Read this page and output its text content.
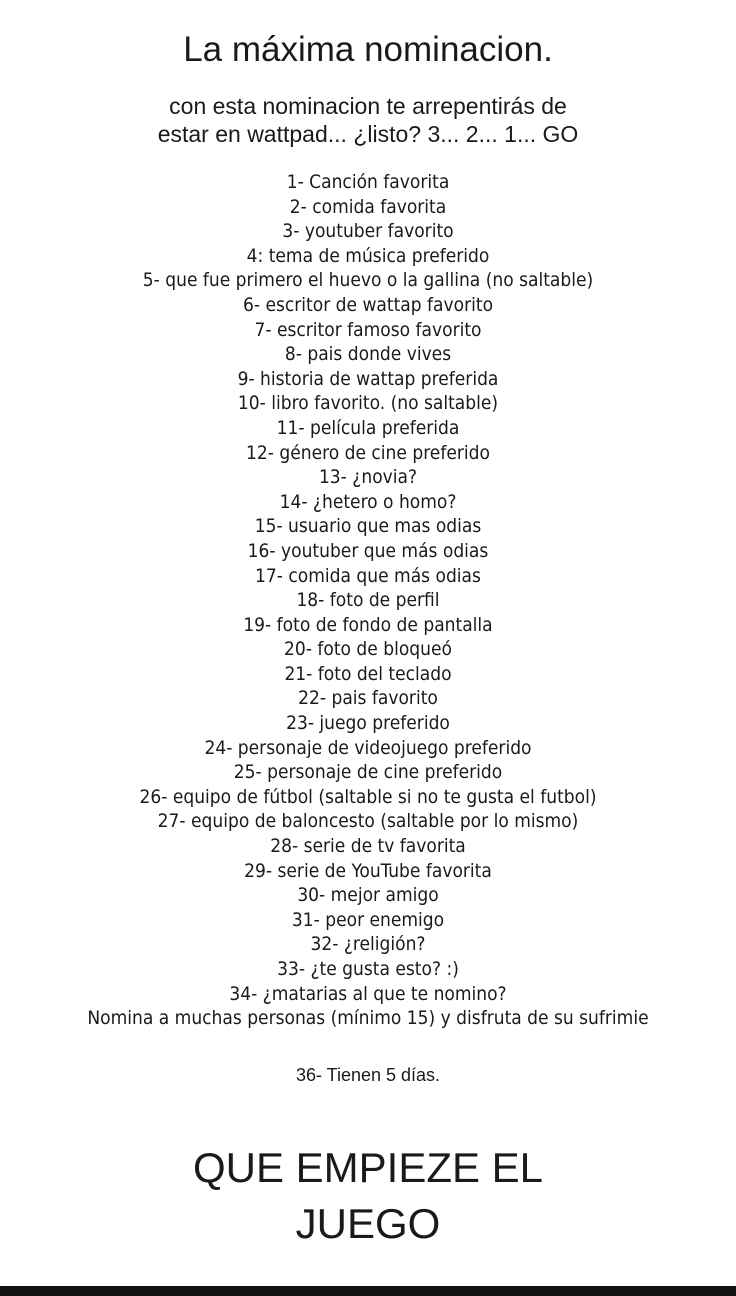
La máxima nominacion.

con esta nominacion te arrepentirás de
estar en wattpad... ¿listo? 3... 2... 1... GO

1- Canción favorita
2- comida favorita
3- youtuber favorito
4: tema de música preferido
5- que fue primero el huevo o la gallina (no saltable)
6- escritor de wattap favorito
7- escritor famoso favorito
8- pais donde vives
9- historia de wattap preferida
10- libro favorito. (no saltable)
11- película preferida
12- género de cine preferido
13- ¿novia?
14- ¿hetero o homo?
15- usuario que mas odias
16- youtuber que más odias
17- comida que más odias
18- foto de perfil
19- foto de fondo de pantalla
20- foto de bloqueó
21- foto del teclado
22- pais favorito
23- juego preferido
24- personaje de videojuego preferido
25- personaje de cine preferido
26- equipo de fútbol (saltable si no te gusta el futbol)
27- equipo de baloncesto (saltable por lo mismo)
28- serie de tv favorita
29- serie de YouTube favorita
30- mejor amigo
31- peor enemigo
32- ¿religión?
33- ¿te gusta esto? :)
34- ¿matarias al que te nomino?
Nomina a muchas personas (mínimo 15) y disfruta de su sufrimie

36- Tienen 5 días.

QUE EMPIEZE EL
JUEGO
